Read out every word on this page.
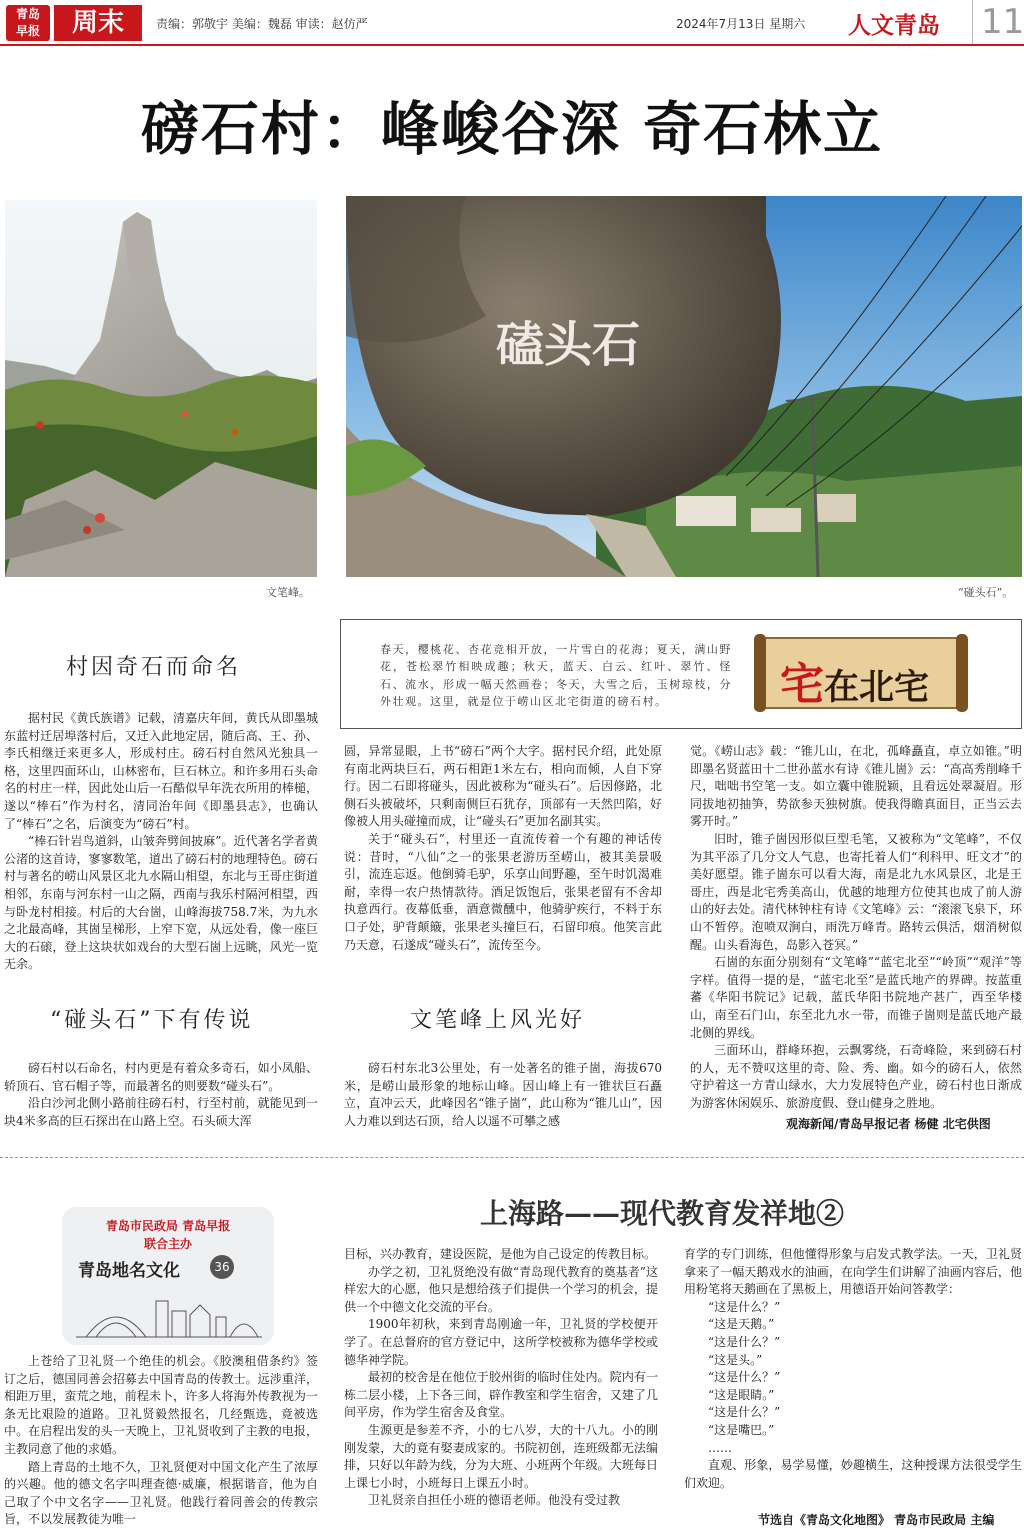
青岛
早报	周末	责编：郭敬宇 美编：魏磊 审读：赵仿严	2024年7月13日 星期六 人文青岛 11
磅石村：峰峻谷深 奇石林立
文笔峰。
磕头石
“碰头石”。
春天，樱桃花、杏花竞相开放，一片雪白的花海；夏天，满山野花，苍松翠竹相映成趣；秋天，蓝天、白云、红叶、翠竹、怪石、流水，形成一幅天然画卷；冬天，大雪之后，玉树琼枝，分外壮观。这里，就是位于崂山区北宅街道的磅石村。	宅在北宅
村因奇石而命名

据村民《黄氏族谱》记载，清嘉庆年间，黄氏从即墨城东蓝村迁居埠落村后，又迁入此地定居，随后高、王、孙、李氏相继迁来更多人，形成村庄。磅石村自然风光独具一格，这里四面环山，山林密布，巨石林立。和许多用石头命名的村庄一样，因此处山后一石酷似早年洗衣所用的棒槌，遂以“棒石”作为村名，清同治年间《即墨县志》，也确认了“棒石”之名，后演变为“磅石”村。

“棒石针岩鸟道斜，山皱奔劈间披麻”。近代著名学者黄公渚的这首诗，寥寥数笔，道出了磅石村的地理特色。磅石村与著名的崂山风景区北九水隔山相望，东北与王哥庄街道相邻，东南与河东村一山之隔，西南与我乐村隔河相望，西与卧龙村相接。村后的大台崮，山峰海拔758.7米，为九水之北最高峰，其崮呈梯形，上窄下宽，从远处看，像一座巨大的石磙，登上这块状如戏台的大型石崮上远眺，风光一览无余。

“碰头石”下有传说

磅石村以石命名，村内更是有着众多奇石，如小凤船、轿顶石、官石帽子等，而最著名的则要数“碰头石”。

沿白沙河北侧小路前往磅石村，行至村前，就能见到一块4米多高的巨石探出在山路上空。石头硕大浑

圆，异常显眼，上书“磅石”两个大字。据村民介绍，此处原有南北两块巨石，两石相距1米左右，相向而倾，人自下穿行。因二石即将碰头，因此被称为“碰头石”。后因修路，北侧石头被破坏，只剩南侧巨石犹存，顶部有一天然凹陷，好像被人用头碰撞而成，让“碰头石”更加名副其实。

关于“碰头石”，村里还一直流传着一个有趣的神话传说：昔时，“八仙”之一的张果老游历至崂山，被其美景吸引，流连忘返。他倒骑毛驴，乐享山间野趣，至午时饥渴难耐，幸得一农户热情款待。酒足饭饱后，张果老留有不舍却执意西行。夜幕低垂，酒意微醺中，他骑驴疾行，不料于东口子处，驴背颠簸，张果老头撞巨石，石留印痕。他笑言此乃天意，石遂成“碰头石”，流传至今。

文笔峰上风光好

磅石村东北3公里处，有一处著名的锥子崮，海拔670米，是崂山最形象的地标山峰。因山峰上有一锥状巨石矗立，直冲云天，此峰因名“锥子崮”，此山称为“锥儿山”，因人力难以到达石顶，给人以遥不可攀之感

觉。《崂山志》载：“锥儿山，在北，孤峰矗直，卓立如锥。”明即墨名贤蓝田十二世孙蓝水有诗《锥儿崮》云：“高高秀削峰千尺，咄咄书空笔一支。如立囊中锥脱颖，且看远处翠凝眉。形同拔地初抽笋，势欲参天独树旗。使我得瞻真面目，正当云去雾开时。”

旧时，锥子崮因形似巨型毛笔，又被称为“文笔峰”，不仅为其平添了几分文人气息，也寄托着人们“利科甲、旺文才”的美好愿望。锥子崮东可以看大海，南是北九水风景区，北是王哥庄，西是北宅秀美高山，优越的地理方位使其也成了前人游山的好去处。清代林钟柱有诗《文笔峰》云：“滚滚飞泉下，环山不暂停。泡喷双涧白，雨洗万峰青。路转云俱活，烟消树似醒。山头看海色，岛影入苍冥。”

石崮的东面分别刻有“文笔峰”“蓝宅北至”“岭顶”“观洋”等字样。值得一提的是，“蓝宅北至”是蓝氏地产的界碑。按蓝重蕃《华阳书院记》记载，蓝氏华阳书院地产甚广，西至华楼山，南至石门山，东至北九水一带，而锥子崮则是蓝氏地产最北侧的界线。

三面环山，群峰环抱，云飘雾绕，石奇峰险，来到磅石村的人，无不赞叹这里的奇、险、秀、幽。如今的磅石人，依然守护着这一方青山绿水，大力发展特色产业，磅石村也日渐成为游客休闲娱乐、旅游度假、登山健身之胜地。

观海新闻/青岛早报记者 杨健 北宅供图
青岛市民政局 青岛早报
联合主办
青岛地名文化	36
上海路——现代教育发祥地②

上苍给了卫礼贤一个绝佳的机会。《胶澳租借条约》签订之后，德国同善会招募去中国青岛的传教士。远涉重洋，相距万里，蛮荒之地，前程未卜，许多人将海外传教视为一条无比艰险的道路。卫礼贤毅然报名，几经甄选，竟被选中。在启程出发的头一天晚上，卫礼贤收到了主教的电报，主教同意了他的求婚。

踏上青岛的土地不久，卫礼贤便对中国文化产生了浓厚的兴趣。他的德文名字叫理查德·威廉，根据谐音，他为自己取了个中文名字——卫礼贤。他践行着同善会的传教宗旨，不以发展教徒为唯一

目标，兴办教育，建设医院，是他为自己设定的传教目标。

办学之初，卫礼贤绝没有做“青岛现代教育的奠基者”这样宏大的心愿，他只是想给孩子们提供一个学习的机会，提供一个中德文化交流的平台。

1900年初秋，来到青岛刚逾一年，卫礼贤的学校便开学了。在总督府的官方登记中，这所学校被称为德华学校或德华神学院。

最初的校舍是在他位于胶州街的临时住处内。院内有一栋二层小楼，上下各三间，辟作教室和学生宿舍，又建了几间平房，作为学生宿舍及食堂。

生源更是参差不齐，小的七八岁，大的十八九。小的刚刚发蒙，大的竟有娶妻成家的。书院初创，连班级都无法编排，只好以年龄为线，分为大班、小班两个年级。大班每日上课七小时，小班每日上课五小时。

卫礼贤亲自担任小班的德语老师。他没有受过教

育学的专门训练，但他懂得形象与启发式教学法。一天，卫礼贤拿来了一幅天鹅戏水的油画，在向学生们讲解了油画内容后，他用粉笔将天鹅画在了黑板上，用德语开始问答教学：

“这是什么？”

“这是天鹅。”

“这是什么？”

“这是头。”

“这是什么？”

“这是眼睛。”

“这是什么？”

“这是嘴巴。”

……

直观、形象，易学易懂，妙趣横生，这种授课方法很受学生们欢迎。

节选自《青岛文化地图》 青岛市民政局 主编
